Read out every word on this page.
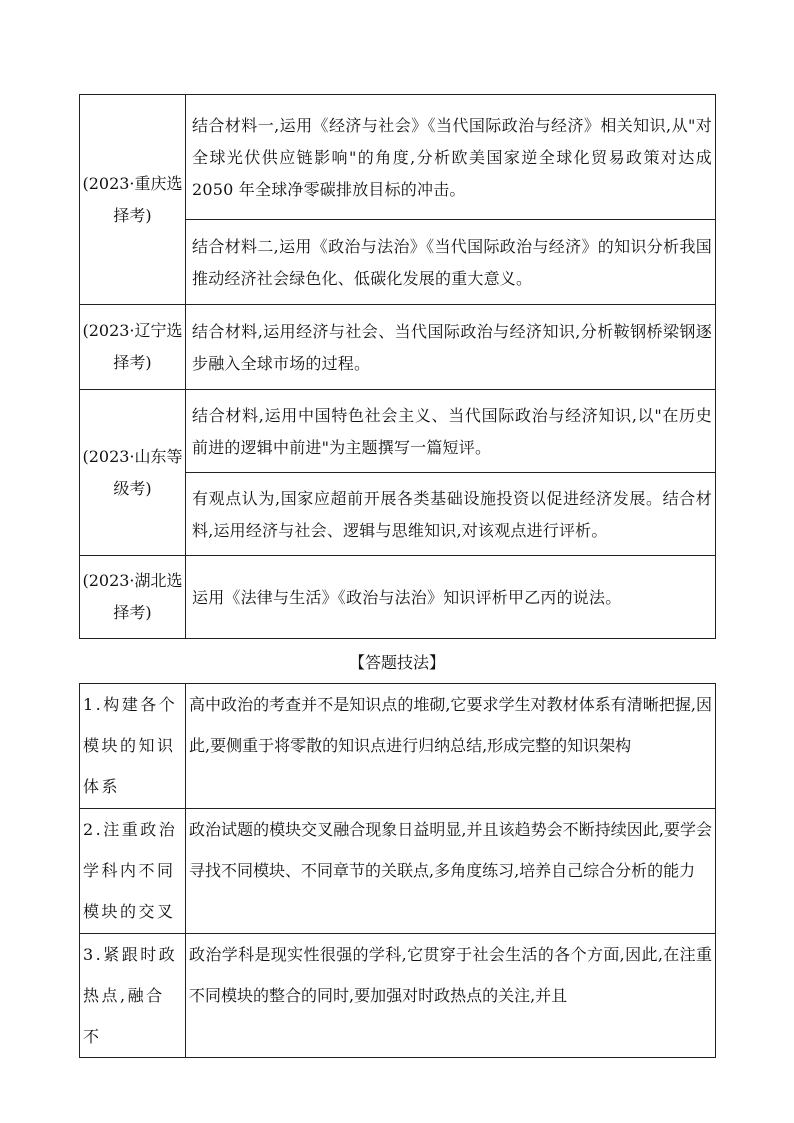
(2023·重庆选择考)	结合材料一,运用《经济与社会》《当代国际政治与经济》相关知识,从"对全球光伏供应链影响"的角度,分析欧美国家逆全球化贸易政策对达成2050 年全球净零碳排放目标的冲击。
	结合材料二,运用《政治与法治》《当代国际政治与经济》的知识分析我国推动经济社会绿色化、低碳化发展的重大意义。
(2023·辽宁选择考)	结合材料,运用经济与社会、当代国际政治与经济知识,分析鞍钢桥梁钢逐步融入全球市场的过程。
(2023·山东等级考)	结合材料,运用中国特色社会主义、当代国际政治与经济知识,以"在历史前进的逻辑中前进"为主题撰写一篇短评。
	有观点认为,国家应超前开展各类基础设施投资以促进经济发展。结合材料,运用经济与社会、逻辑与思维知识,对该观点进行评析。
(2023·湖北选择考)	运用《法律与生活》《政治与法治》知识评析甲乙丙的说法。
【答题技法】
1.构建各个模块的知识体系	高中政治的考查并不是知识点的堆砌,它要求学生对教材体系有清晰把握,因此,要侧重于将零散的知识点进行归纳总结,形成完整的知识架构
2.注重政治学科内不同模块的交叉	政治试题的模块交叉融合现象日益明显,并且该趋势会不断持续因此,要学会寻找不同模块、不同章节的关联点,多角度练习,培养自己综合分析的能力
3.紧跟时政热点,融合不	政治学科是现实性很强的学科,它贯穿于社会生活的各个方面,因此,在注重不同模块的整合的同时,要加强对时政热点的关注,并且
